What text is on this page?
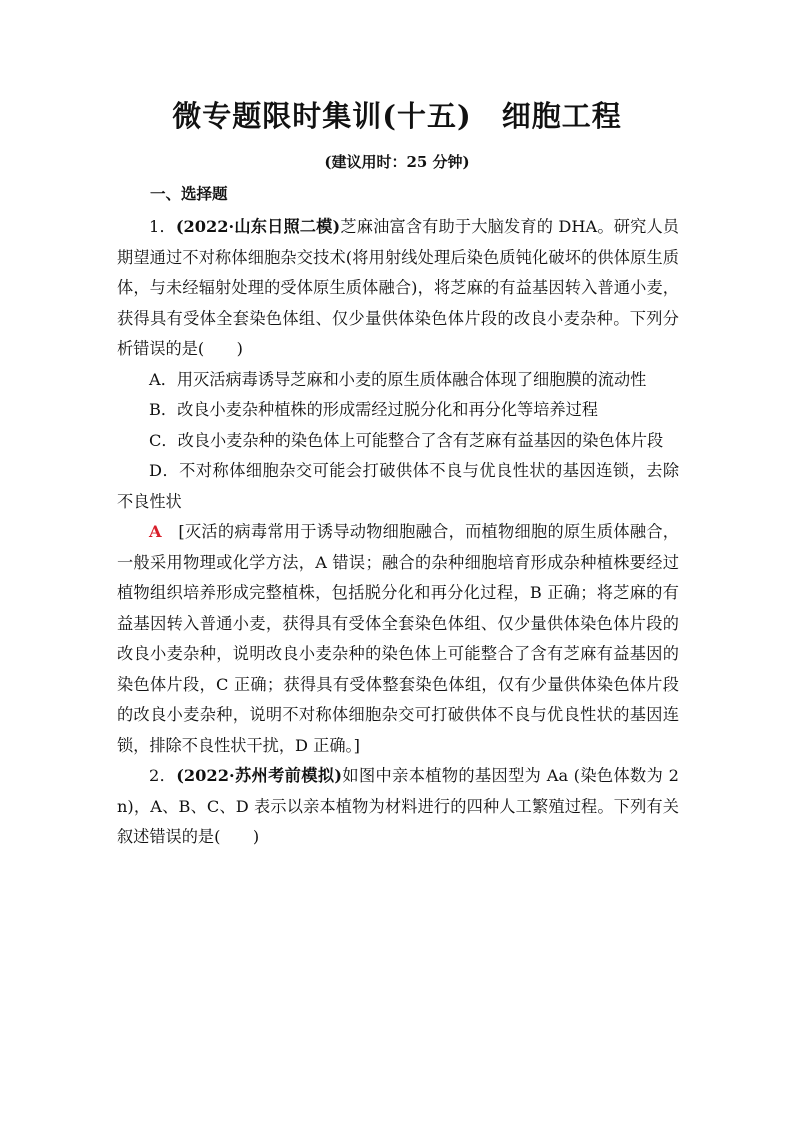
微专题限时集训(十五)　细胞工程
(建议用时：25 分钟)
一、选择题

1．(2022·山东日照二模)芝麻油富含有助于大脑发育的 DHA。研究人员期望通过不对称体细胞杂交技术(将用射线处理后染色质钝化破坏的供体原生质体，与未经辐射处理的受体原生质体融合)，将芝麻的有益基因转入普通小麦，获得具有受体全套染色体组、仅少量供体染色体片段的改良小麦杂种。下列分析错误的是(　　)

A．用灭活病毒诱导芝麻和小麦的原生质体融合体现了细胞膜的流动性

B．改良小麦杂种植株的形成需经过脱分化和再分化等培养过程

C．改良小麦杂种的染色体上可能整合了含有芝麻有益基因的染色体片段

D．不对称体细胞杂交可能会打破供体不良与优良性状的基因连锁，去除不良性状

A　 [灭活的病毒常用于诱导动物细胞融合，而植物细胞的原生质体融合，一般采用物理或化学方法，A 错误；融合的杂种细胞培育形成杂种植株要经过植物组织培养形成完整植株，包括脱分化和再分化过程，B 正确；将芝麻的有益基因转入普通小麦，获得具有受体全套染色体组、仅少量供体染色体片段的改良小麦杂种，说明改良小麦杂种的染色体上可能整合了含有芝麻有益基因的染色体片段，C 正确；获得具有受体整套染色体组，仅有少量供体染色体片段的改良小麦杂种，说明不对称体细胞杂交可打破供体不良与优良性状的基因连锁，排除不良性状干扰，D 正确。]

2．(2022·苏州考前模拟)如图中亲本植物的基因型为 Aa (染色体数为 2n)，A、B、C、D 表示以亲本植物为材料进行的四种人工繁殖过程。下列有关叙述错误的是(　　)
